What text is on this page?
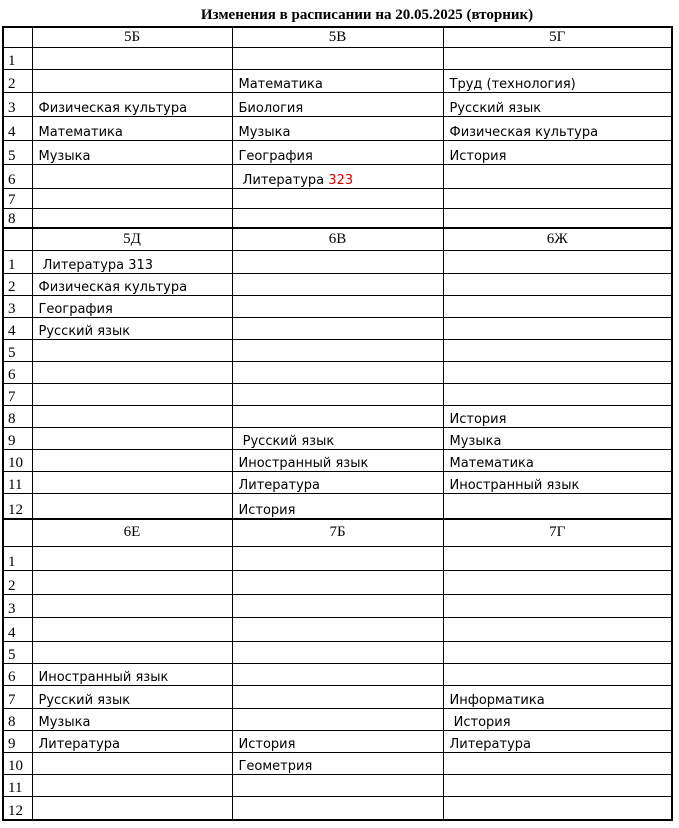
Изменения в расписании на 20.05.2025 (вторник)
	5Б	5В	5Г
1			
2		Математика	Труд (технология)
3	Физическая культура	Биология	Русский язык
4	Математика	Музыка	Физическая культура
5	Музыка	География	История
6		Литература 323	
7			
8			
	5Д	6В	6Ж
1	Литература 313		
2	Физическая культура		
3	География		
4	Русский язык		
5			
6			
7			
8			История
9		Русский язык	Музыка
10		Иностранный язык	Математика
11		Литература	Иностранный язык
12		История	
	6Е	7Б	7Г
1			
2			
3			
4			
5			
6	Иностранный язык		
7	Русский язык		Информатика
8	Музыка		История
9	Литература	История	Литература
10		Геометрия	
11			
12			
